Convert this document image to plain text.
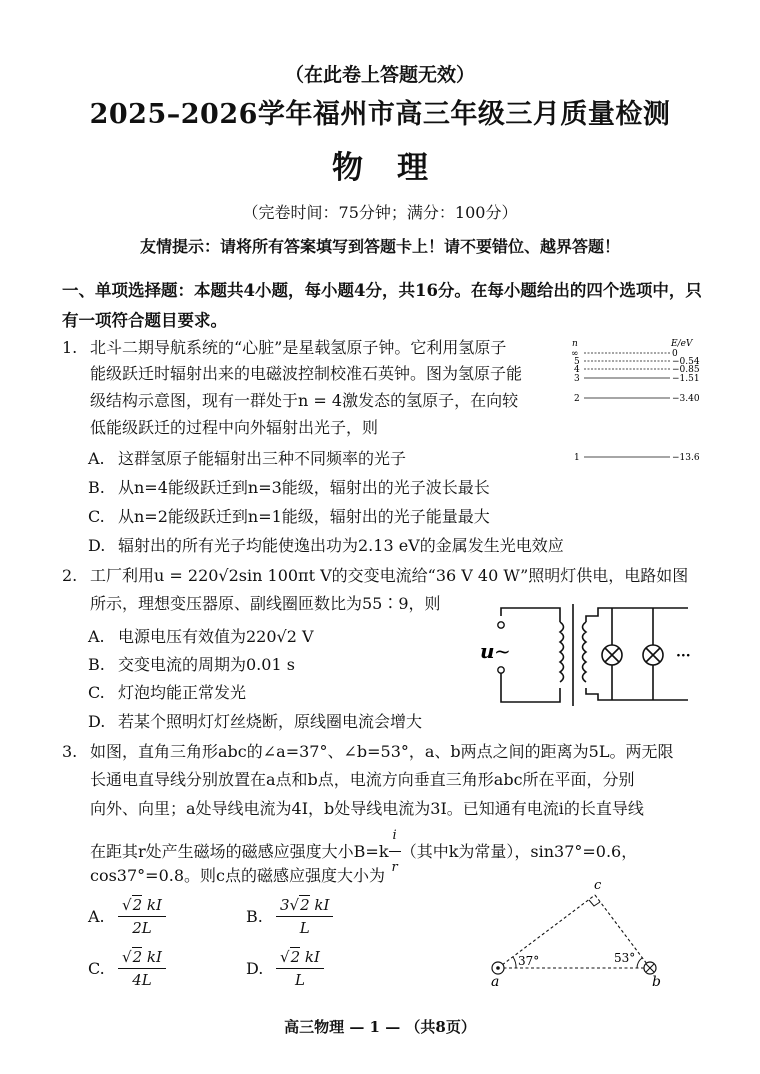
（在此卷上答题无效）
2025–2026学年福州市高三年级三月质量检测
物理
（完卷时间：75分钟；满分：100分）
友情提示：请将所有答案填写到答题卡上！请不要错位、越界答题！
一、单项选择题：本题共4小题，每小题4分，共16分。在每小题给出的四个选项中，只有一项符合题目要求。
1. 北斗二期导航系统的“心脏”是星载氢原子钟。它利用氢原子
能级跃迁时辐射出来的电磁波控制校准石英钟。图为氢原子能
级结构示意图，现有一群处于n = 4激发态的氢原子，在向较
低能级跃迁的过程中向外辐射出光子，则
A. 这群氢原子能辐射出三种不同频率的光子
B. 从n=4能级跃迁到n=3能级，辐射出的光子波长最长
C. 从n=2能级跃迁到n=1能级，辐射出的光子能量最大
D. 辐射出的所有光子均能使逸出功为2.13 eV的金属发生光电效应
n	E/eV
∞	0
5	−0.54
4	−0.85
3	−1.51
2	−3.40
1	−13.6
2. 工厂利用u = 220√2sin 100πt V的交变电流给“36 V 40 W”照明灯供电，电路如图
所示，理想变压器原、副线圈匝数比为55∶9，则
A. 电源电压有效值为220√2 V
B. 交变电流的周期为0.01 s
C. 灯泡均能正常发光
D. 若某个照明灯灯丝烧断，原线圈电流会增大
u ~	···
3. 如图，直角三角形abc的∠a=37°、∠b=53°，a、b两点之间的距离为5L。两无限
长通电直导线分别放置在a点和b点，电流方向垂直三角形abc所在平面，分别
向外、向里；a处导线电流为4I，b处导线电流为3I。已知通有电流i的长直导线
在距其r处产生磁场的磁感应强度大小$B=k \frac{i}{r}$ （其中k为常量），sin37°=0.6，
cos37°=0.8。则c点的磁感应强度大小为
A. $\frac{√2 kI}{2L}$	B. $\frac{3√2 kI}{L}$
C. $\frac{√2 kI}{4L}$	D. $\frac{√2 kI}{L}$	a	b
c
37°	53°
高三物理 — 1 — （共8页）
